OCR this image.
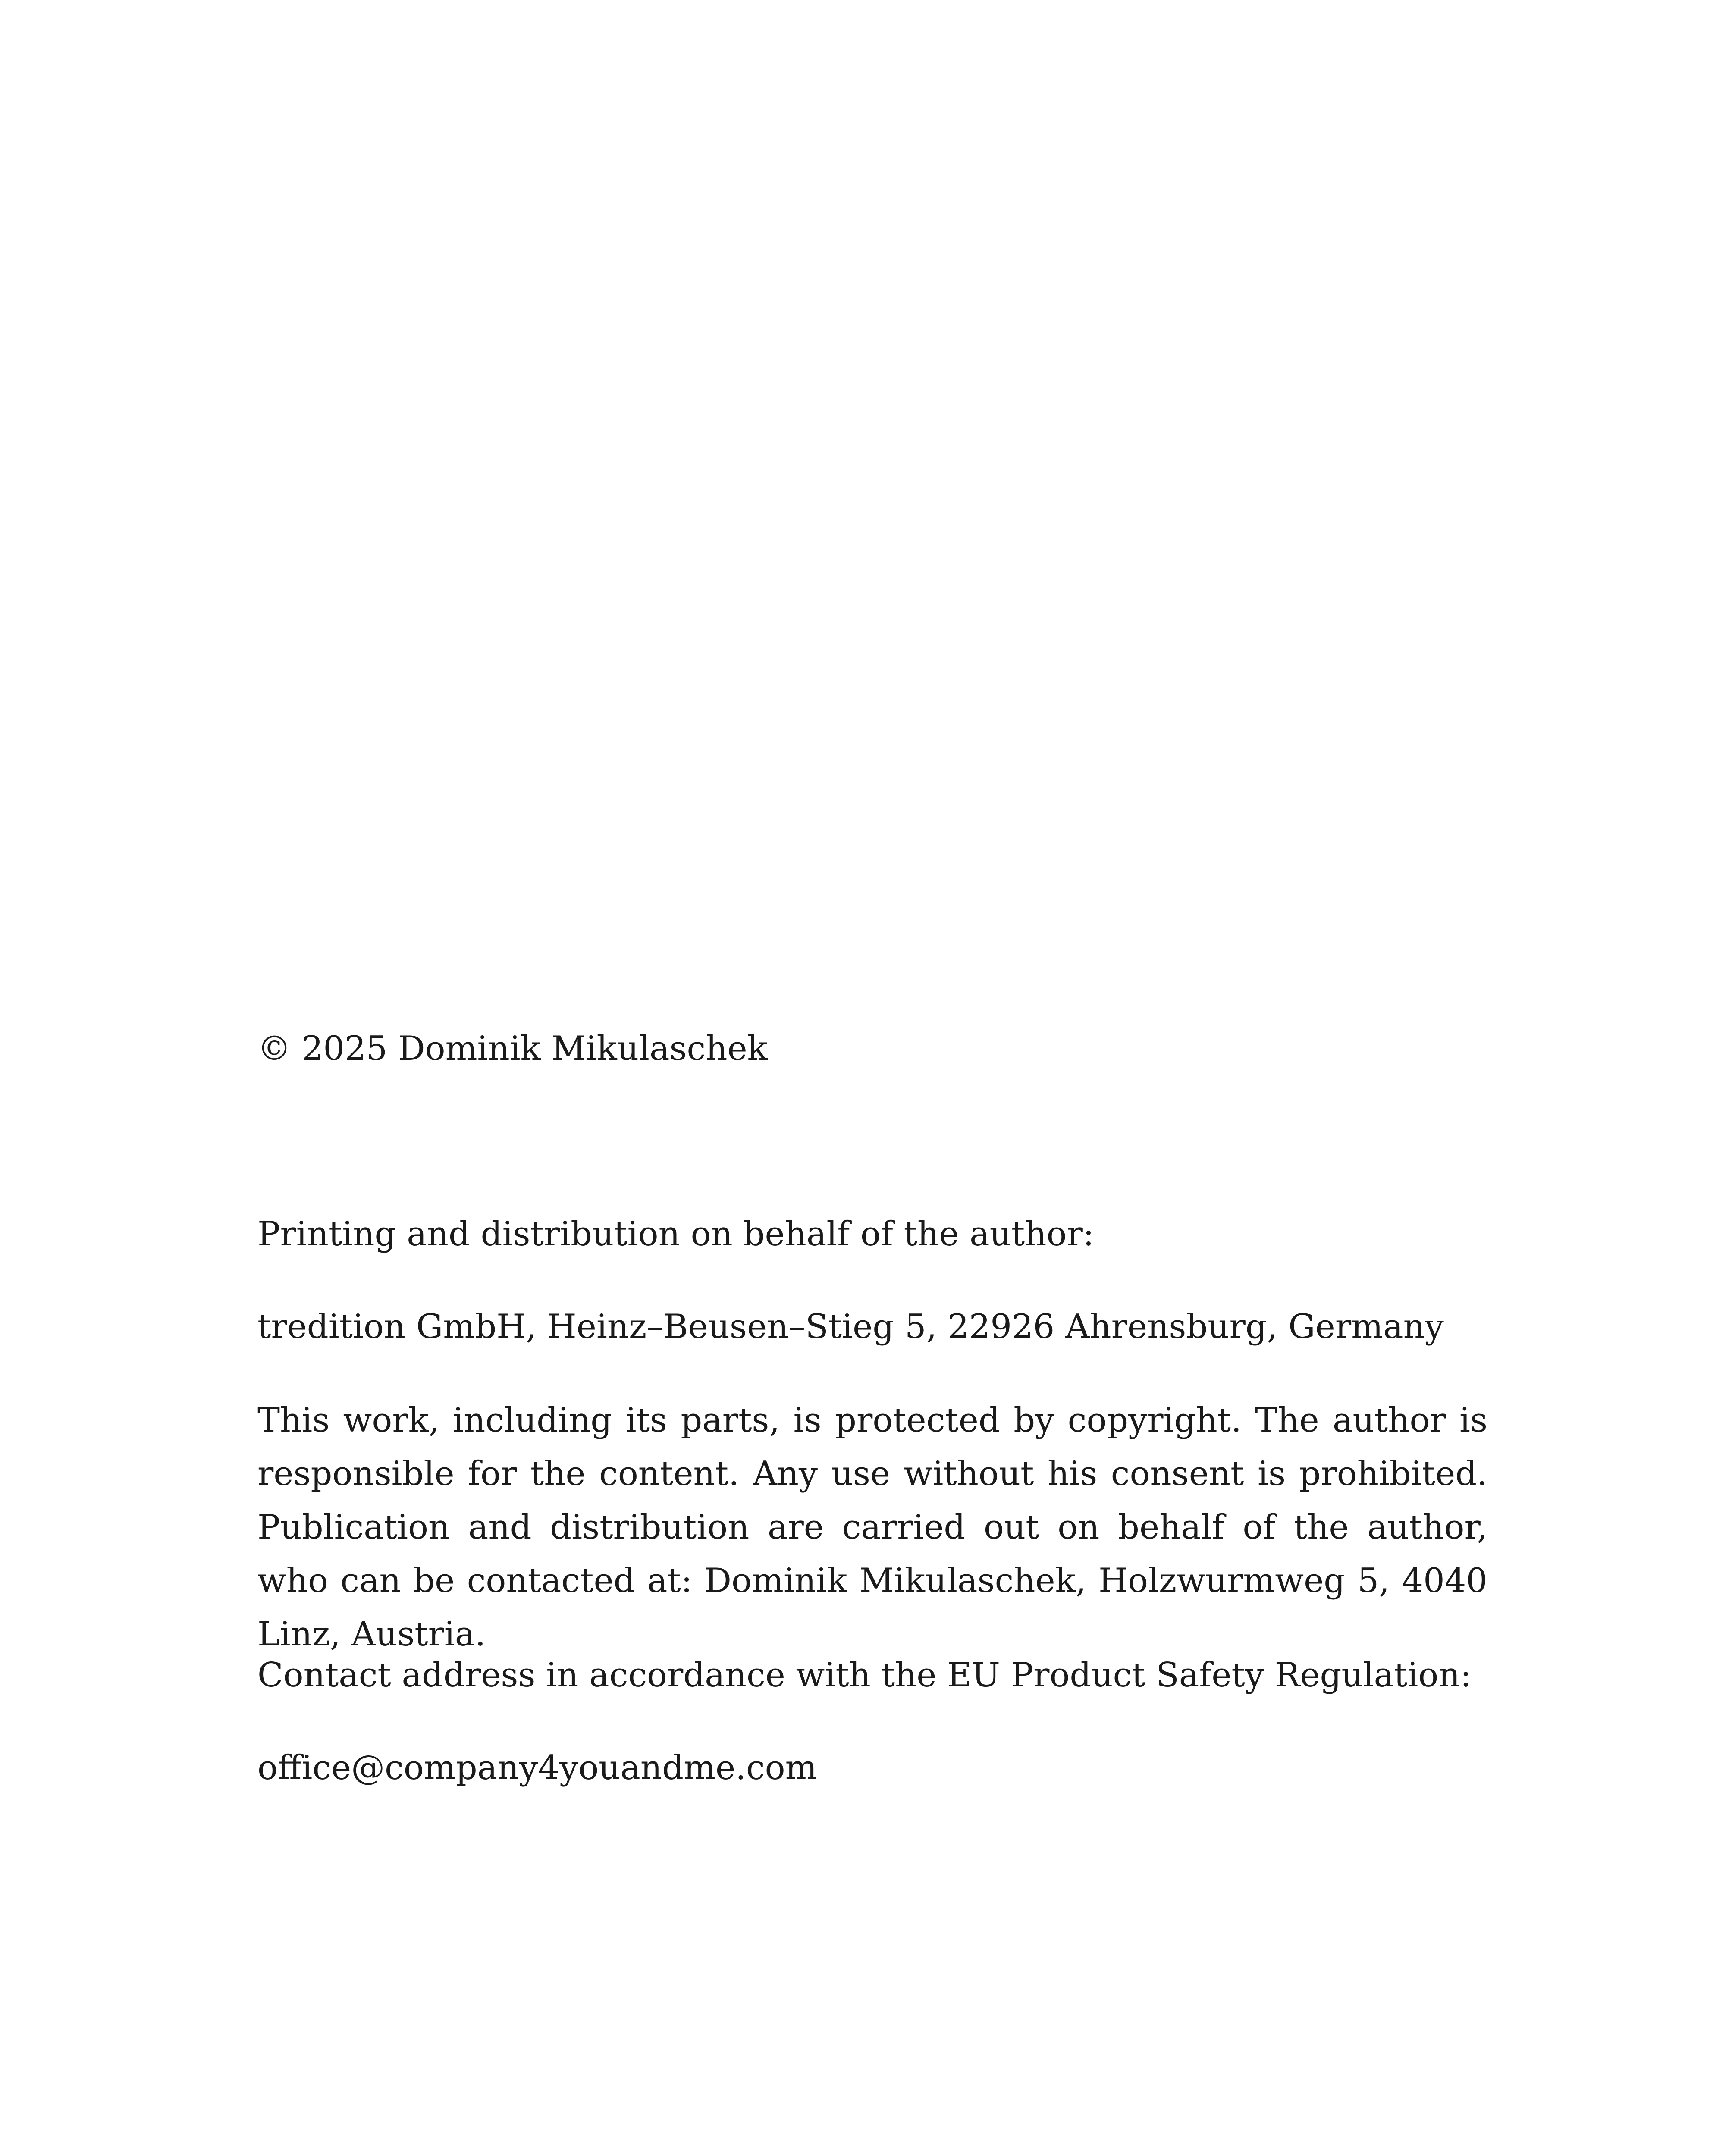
© 2025 Dominik Mikulaschek

Printing and distribution on behalf of the author:

tredition GmbH, Heinz–Beusen–Stieg 5, 22926 Ahrensburg, Germany

This work, including its parts, is protected by copyright. The author is responsible for the content. Any use without his consent is prohibited. Publication and distribution are carried out on behalf of the author, who can be contacted at: Dominik Mikulaschek, Holzwurmweg 5, 4040 Linz, Austria.

Contact address in accordance with the EU Product Safety Regulation:

office@company4youandme.com
